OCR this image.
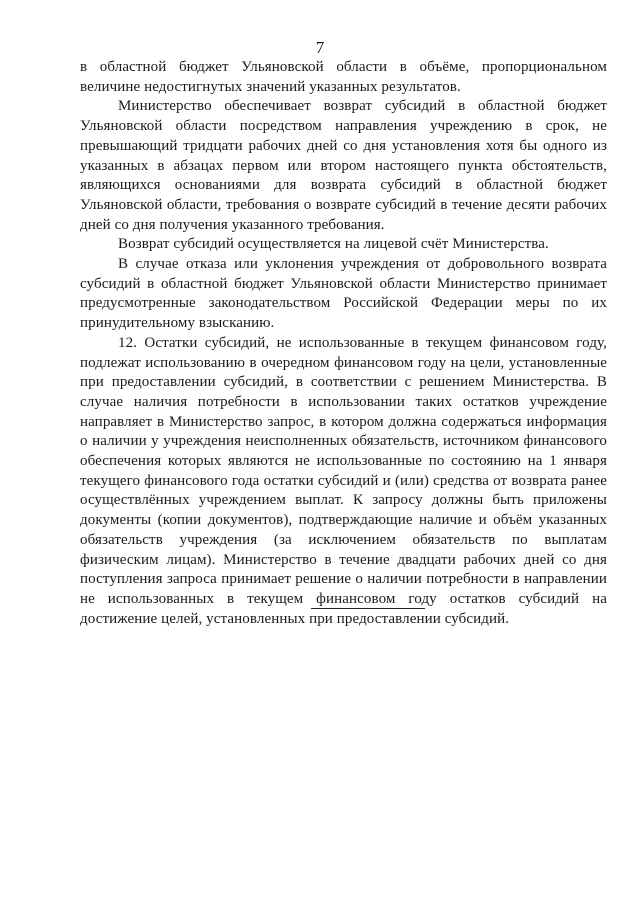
7

в областной бюджет Ульяновской области в объёме, пропорциональном величине недостигнутых значений указанных результатов.

Министерство обеспечивает возврат субсидий в областной бюджет Ульяновской области посредством направления учреждению в срок, не превышающий тридцати рабочих дней со дня установления хотя бы одного из указанных в абзацах первом или втором настоящего пункта обстоятельств, являющихся основаниями для возврата субсидий в областной бюджет Ульяновской области, требования о возврате субсидий в течение десяти рабочих дней со дня получения указанного требования.

Возврат субсидий осуществляется на лицевой счёт Министерства.

В случае отказа или уклонения учреждения от добровольного возврата субсидий в областной бюджет Ульяновской области Министерство принимает предусмотренные законодательством Российской Федерации меры по их принудительному взысканию.

12. Остатки субсидий, не использованные в текущем финансовом году, подлежат использованию в очередном финансовом году на цели, установленные при предоставлении субсидий, в соответствии с решением Министерства. В случае наличия потребности в использовании таких остатков учреждение направляет в Министерство запрос, в котором должна содержаться информация о наличии у учреждения неисполненных обязательств, источником финансового обеспечения которых являются не использованные по состоянию на 1 января текущего финансового года остатки субсидий и (или) средства от возврата ранее осуществлённых учреждением выплат. К запросу должны быть приложены документы (копии документов), подтверждающие наличие и объём указанных обязательств учреждения (за исключением обязательств по выплатам физическим лицам). Министерство в течение двадцати рабочих дней со дня поступления запроса принимает решение о наличии потребности в направлении не использованных в текущем финансовом году остатков субсидий на достижение целей, установленных при предоставлении субсидий.
